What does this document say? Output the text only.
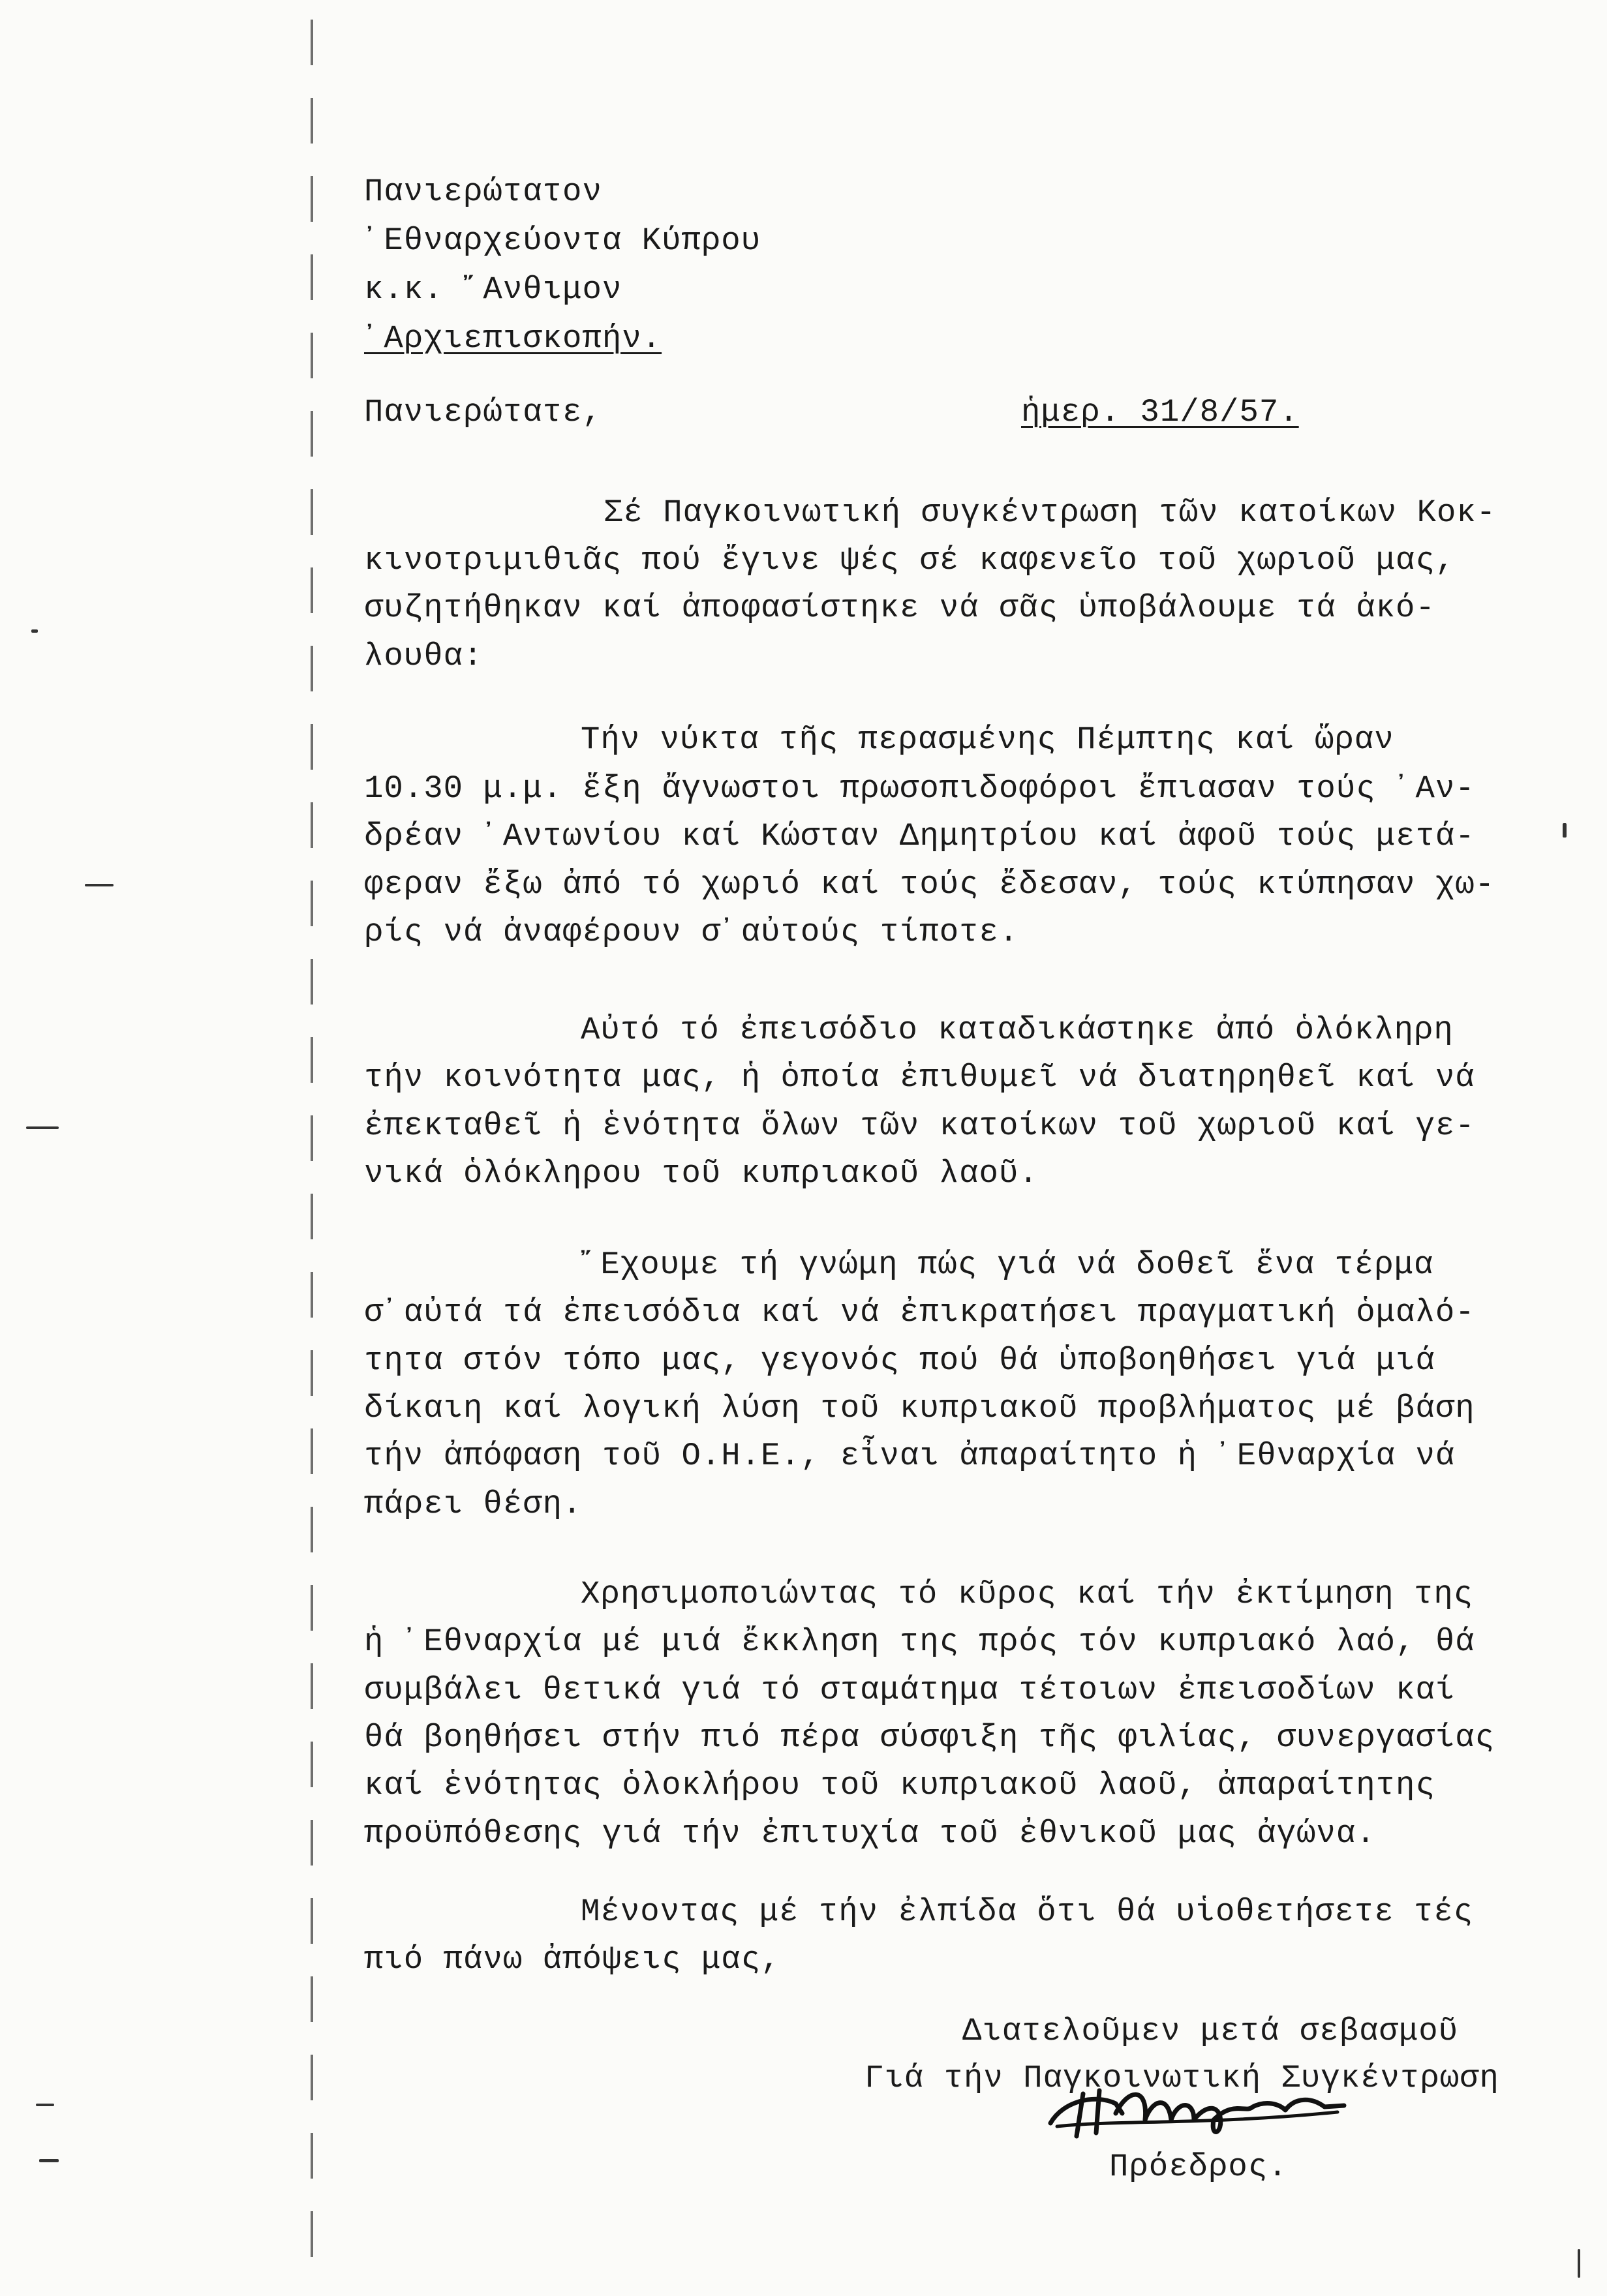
Πανιερώτατον
᾿Εθναρχεύοντα Κύπρου
κ.κ. ῎Ανθιμον
᾿Αρχιεπισκοπήν.
Πανιερώτατε,	ἡμερ. 31/8/57.
Σέ Παγκοινωτική συγκέντρωση τῶν κατοίκων Κοκ-
κινοτριμιθιᾶς πού ἔγινε ψές σέ καφενεῖο τοῦ χωριοῦ μας,
συζητήθηκαν καί ἀποφασίστηκε νά σᾶς ὑποβάλουμε τά ἀκό-
λουθα:
Τήν νύκτα τῆς περασμένης Πέμπτης καί ὥραν
10.30 μ.μ. ἕξη ἄγνωστοι πρωσοπιδοφόροι ἔπιασαν τούς ᾿Αν-
δρέαν ᾿Αντωνίου καί Κώσταν Δημητρίου καί ἀφοῦ τούς μετά-
φεραν ἔξω ἀπό τό χωριό καί τούς ἔδεσαν, τούς κτύπησαν χω-
ρίς νά ἀναφέρουν σ᾿αὐτούς τίποτε.
Αὐτό τό ἐπεισόδιο καταδικάστηκε ἀπό ὁλόκληρη
τήν κοινότητα μας, ἡ ὁποία ἐπιθυμεῖ νά διατηρηθεῖ καί νά
ἐπεκταθεῖ ἡ ἑνότητα ὅλων τῶν κατοίκων τοῦ χωριοῦ καί γε-
νικά ὁλόκληρου τοῦ κυπριακοῦ λαοῦ.
῎Εχουμε τή γνώμη πώς γιά νά δοθεῖ ἕνα τέρμα
σ᾿αὐτά τά ἐπεισόδια καί νά ἐπικρατήσει πραγματική ὁμαλό-
τητα στόν τόπο μας, γεγονός πού θά ὑποβοηθήσει γιά μιά
δίκαιη καί λογική λύση τοῦ κυπριακοῦ προβλήματος μέ βάση
τήν ἀπόφαση τοῦ Ο.Η.Ε., εἶναι ἀπαραίτητο ἡ ᾿Εθναρχία νά
πάρει θέση.
Χρησιμοποιώντας τό κῦρος καί τήν ἐκτίμηση της
ἡ ᾿Εθναρχία μέ μιά ἔκκληση της πρός τόν κυπριακό λαό, θά
συμβάλει θετικά γιά τό σταμάτημα τέτοιων ἐπεισοδίων καί
θά βοηθήσει στήν πιό πέρα σύσφιξη τῆς φιλίας, συνεργασίας
καί ἑνότητας ὁλοκλήρου τοῦ κυπριακοῦ λαοῦ, ἀπαραίτητης
προϋπόθεσης γιά τήν ἐπιτυχία τοῦ ἐθνικοῦ μας ἀγώνα.
Μένοντας μέ τήν ἐλπίδα ὅτι θά υἱοθετήσετε τές
πιό πάνω ἀπόψεις μας,
Διατελοῦμεν μετά σεβασμοῦ
Γιά τήν Παγκοινωτική Συγκέντρωση
Πρόεδρος.
